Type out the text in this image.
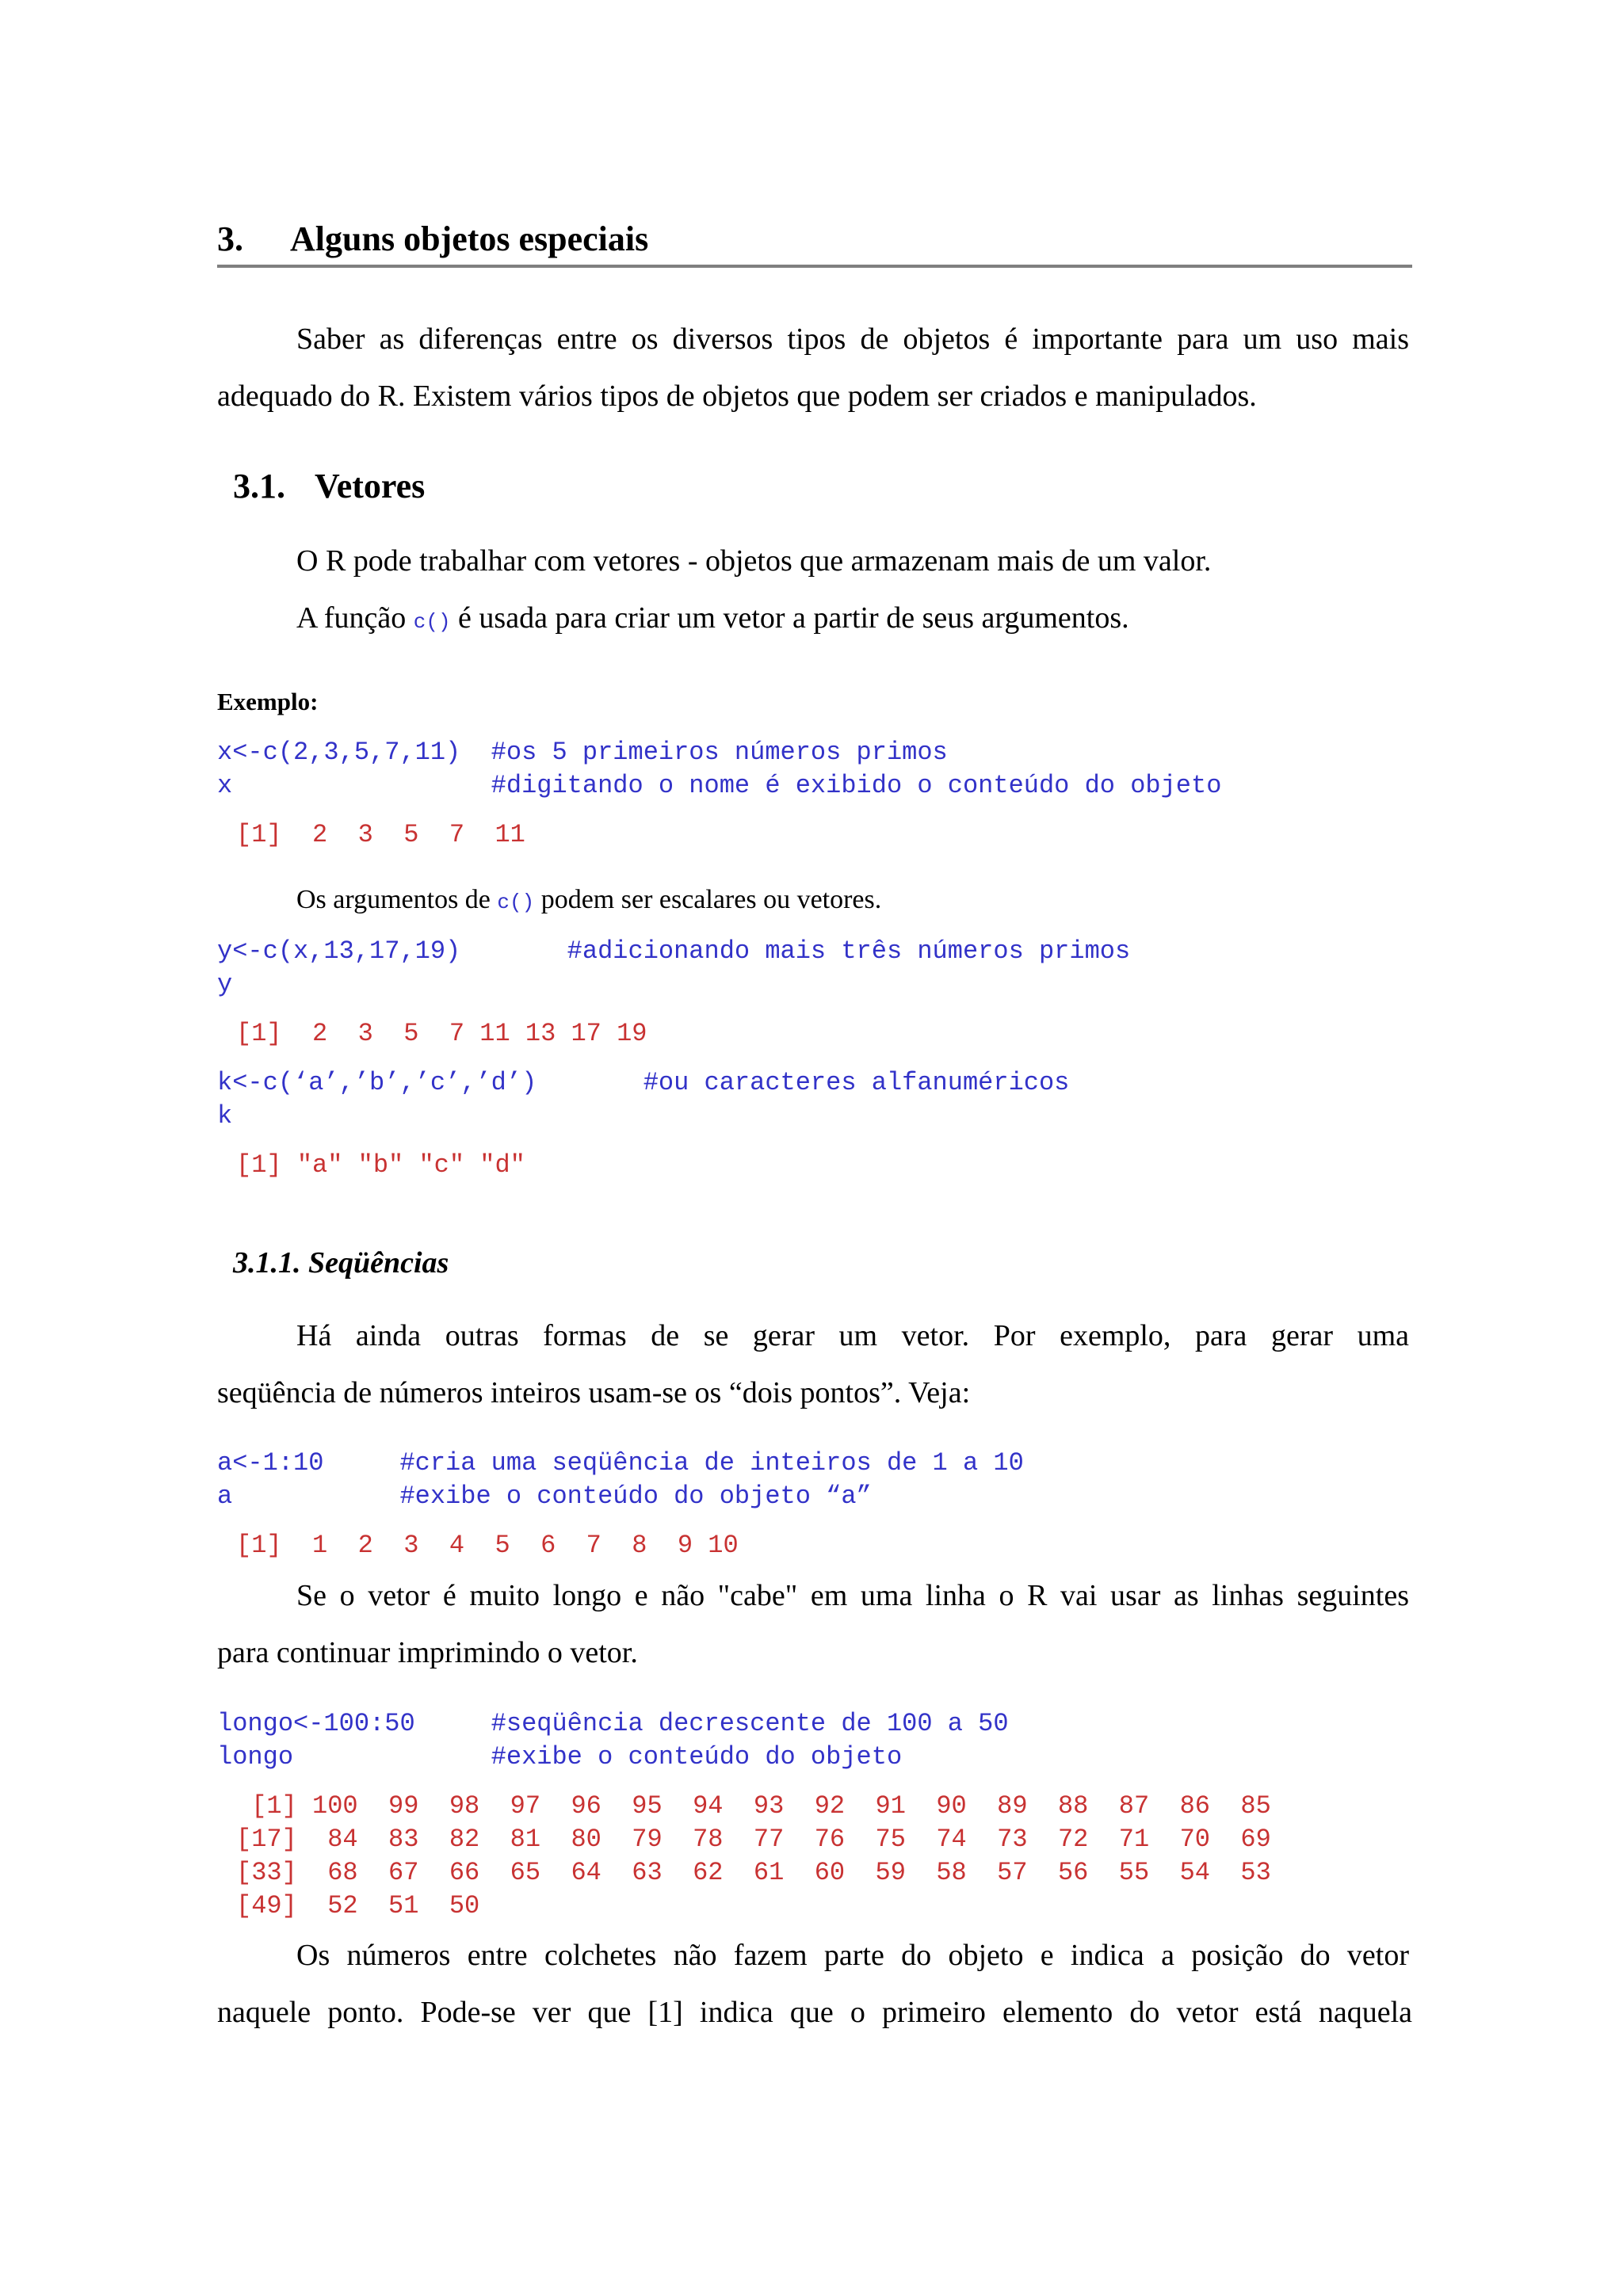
3. Alguns objetos especiais
Saber as diferenças entre os diversos tipos de objetos é importante para um uso mais
adequado do R. Existem vários tipos de objetos que podem ser criados e manipulados.
3.1. Vetores
O R pode trabalhar com vetores - objetos que armazenam mais de um valor.
A função c() é usada para criar um vetor a partir de seus argumentos.
Exemplo:
x<-c(2,3,5,7,11)  #os 5 primeiros números primos
x                 #digitando o nome é exibido o conteúdo do objeto
[1]  2  3  5  7  11
Os argumentos de c() podem ser escalares ou vetores.
y<-c(x,13,17,19)       #adicionando mais três números primos
y
[1]  2  3  5  7 11 13 17 19
k<-c(‘a’,’b’,’c’,’d’)       #ou caracteres alfanuméricos
k
[1] "a" "b" "c" "d"
3.1.1. Seqüências
Há ainda outras formas de se gerar um vetor. Por exemplo, para gerar uma
seqüência de números inteiros usam-se os “dois pontos”. Veja:
a<-1:10     #cria uma seqüência de inteiros de 1 a 10
a           #exibe o conteúdo do objeto “a”
[1]  1  2  3  4  5  6  7  8  9 10
Se o vetor é muito longo e não "cabe" em uma linha o R vai usar as linhas seguintes
para continuar imprimindo o vetor.
longo<-100:50     #seqüência decrescente de 100 a 50
longo             #exibe o conteúdo do objeto
[1] 100  99  98  97  96  95  94  93  92  91  90  89  88  87  86  85
[17]  84  83  82  81  80  79  78  77  76  75  74  73  72  71  70  69
[33]  68  67  66  65  64  63  62  61  60  59  58  57  56  55  54  53
[49]  52  51  50
Os números entre colchetes não fazem parte do objeto e indica a posição do vetor
naquele ponto. Pode-se ver que [1] indica que o primeiro elemento do vetor está naquela
